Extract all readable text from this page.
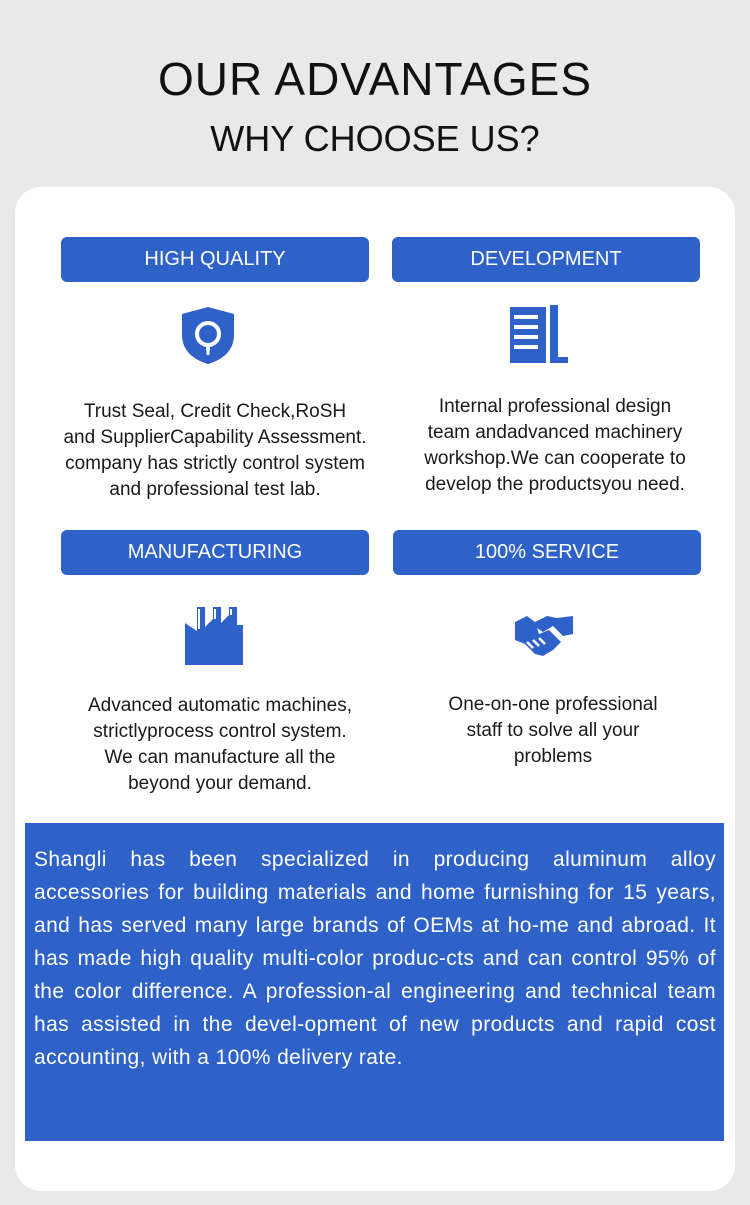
OUR ADVANTAGES
WHY CHOOSE US?
HIGH QUALITY
Trust Seal, Credit Check,RoSH
and SupplierCapability Assessment.
company has strictly control system
and professional test lab.
DEVELOPMENT
Internal professional design
team andadvanced machinery
workshop.We can cooperate to
develop the productsyou need.
MANUFACTURING
Advanced automatic machines,
strictlyprocess control system.
We can manufacture all the
beyond your demand.
100% SERVICE
One-on-one professional
staff to solve all your
problems

Shangli has been specialized in producing aluminum alloy accessories for building materials and home furnishing for 15 years, and has served many large brands of OEMs at ho-me and abroad. It has made high quality multi-color produc-cts and can control 95% of the color difference. A profession-al engineering and technical team has assisted in the devel-opment of new products and rapid cost accounting, with a 100% delivery rate.
